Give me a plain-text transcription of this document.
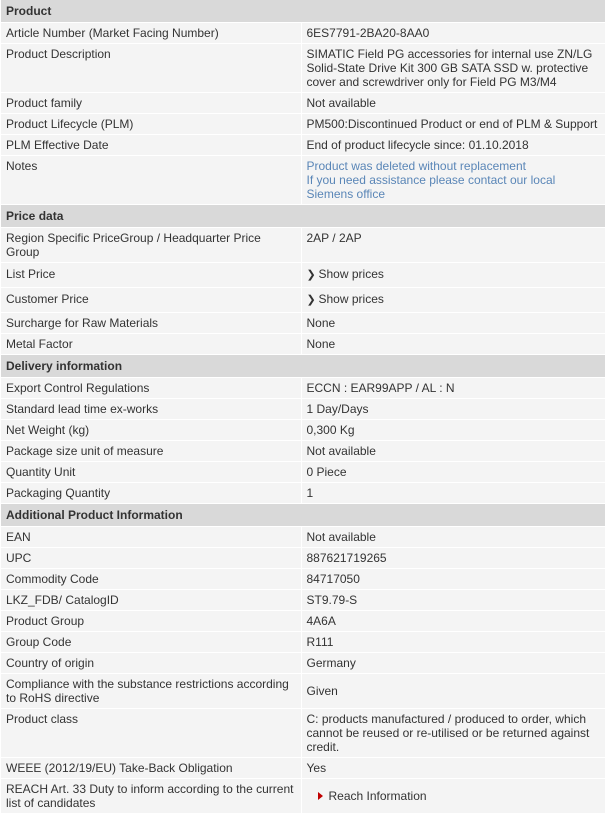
Product	
Article Number (Market Facing Number)	6ES7791-2BA20-8AA0
Product Description	SIMATIC Field PG accessories for internal use ZN/LG Solid-State Drive Kit 300 GB SATA SSD w. protective cover and screwdriver only for Field PG M3/M4
Product family	Not available
Product Lifecycle (PLM)	PM500:Discontinued Product or end of PLM & Support
PLM Effective Date	End of product lifecycle since: 01.10.2018
Notes	Product was deleted without replacement
If you need assistance please contact our local Siemens office

Price data	
Region Specific PriceGroup / Headquarter Price Group	2AP / 2AP
List Price	❯ Show prices
Customer Price	❯ Show prices
Surcharge for Raw Materials	None
Metal Factor	None
Delivery information	
Export Control Regulations	ECCN : EAR99APP / AL : N
Standard lead time ex-works	1 Day/Days
Net Weight (kg)	0,300 Kg
Package size unit of measure	Not available
Quantity Unit	0 Piece
Packaging Quantity	1
Additional Product Information	
EAN	Not available
UPC	887621719265
Commodity Code	84717050
LKZ_FDB/ CatalogID	ST9.79-S
Product Group	4A6A
Group Code	R111
Country of origin	Germany
Compliance with the substance restrictions according to RoHS directive	Given
Product class	C: products manufactured / produced to order, which cannot be reused or re-utilised or be returned against credit.
WEEE (2012/19/EU) Take-Back Obligation	Yes
REACH Art. 33 Duty to inform according to the current list of candidates	Reach Information
